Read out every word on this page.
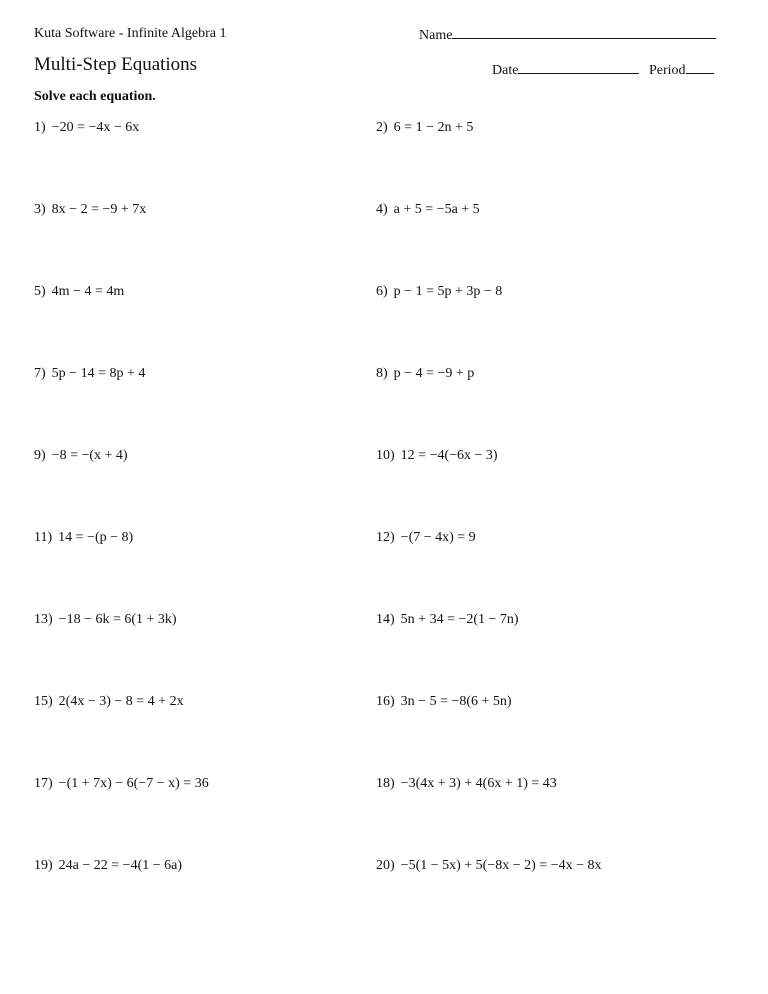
Kuta Software - Infinite Algebra 1	Name
Multi-Step Equations	Date	Period
Solve each equation.
1) −20 = −4x − 6x	2) 6 = 1 − 2n + 5
3) 8x − 2 = −9 + 7x	4) a + 5 = −5a + 5
5) 4m − 4 = 4m	6) p − 1 = 5p + 3p − 8
7) 5p − 14 = 8p + 4	8) p − 4 = −9 + p
9) −8 = −(x + 4)	10) 12 = −4(−6x − 3)
11) 14 = −(p − 8)	12) −(7 − 4x) = 9
13) −18 − 6k = 6(1 + 3k)	14) 5n + 34 = −2(1 − 7n)
15) 2(4x − 3) − 8 = 4 + 2x	16) 3n − 5 = −8(6 + 5n)
17) −(1 + 7x) − 6(−7 − x) = 36	18) −3(4x + 3) + 4(6x + 1) = 43
19) 24a − 22 = −4(1 − 6a)	20) −5(1 − 5x) + 5(−8x − 2) = −4x − 8x
